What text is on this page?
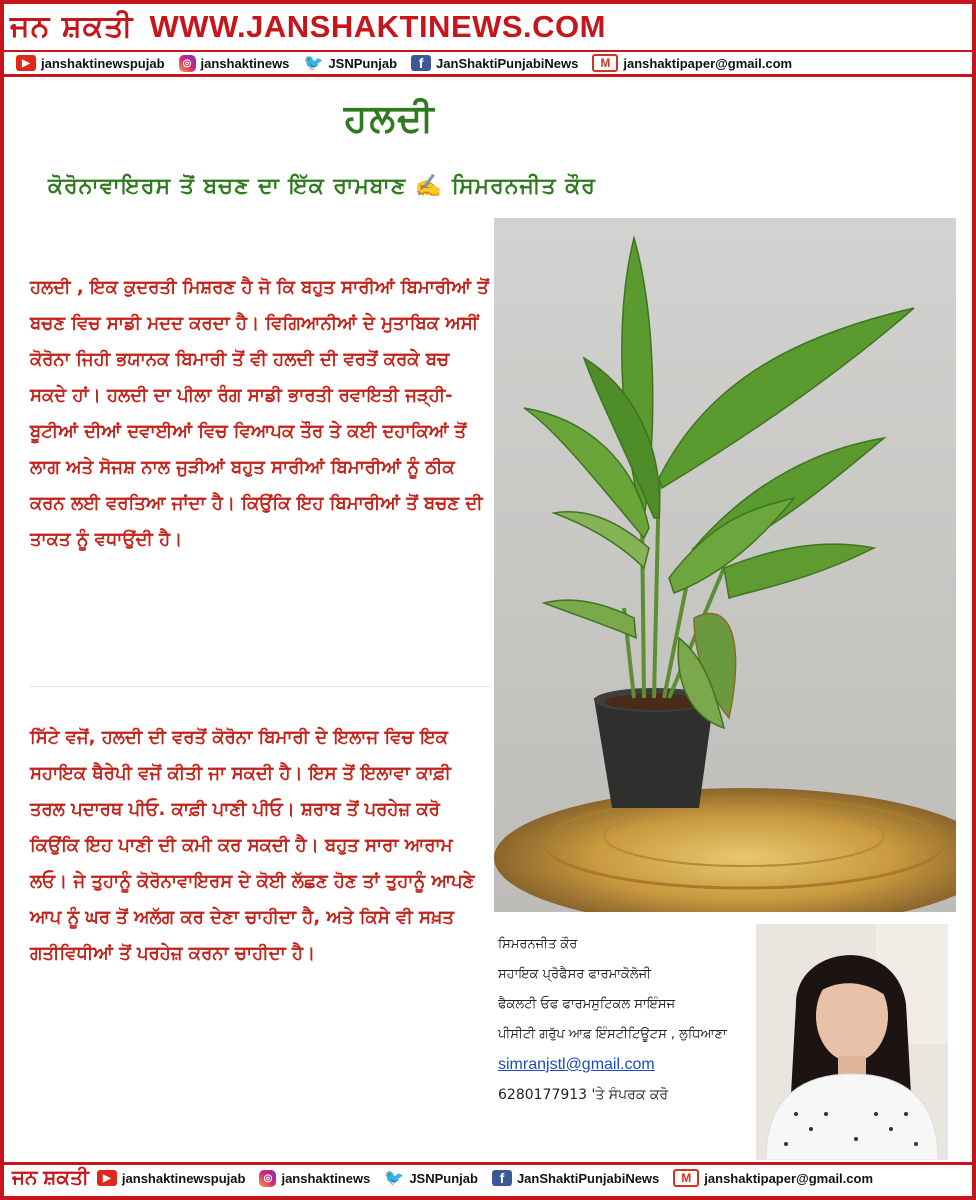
ਜਨ ਸ਼ਕਤੀ WWW.JANSHAKTINEWS.COM
▶ janshaktinewspujab	◎ janshaktinews 🐦 JSNPunjab	f JanShaktiPunjabiNews	M	janshaktipaper@gmail.com
ਹਲਦੀ
ਕੋਰੋਨਾਵਾਇਰਸ ਤੋਂ ਬਚਣ ਦਾ ਇੱਕ ਰਾਮਬਾਣ ✍️ ਸਿਮਰਨਜੀਤ ਕੌਰ
ਹਲਦੀ , ਇਕ ਕੁਦਰਤੀ ਮਿਸ਼ਰਣ ਹੈ ਜੋ ਕਿ ਬਹੁਤ ਸਾਰੀਆਂ ਬਿਮਾਰੀਆਂ ਤੋਂ ਬਚਣ ਵਿਚ ਸਾਡੀ ਮਦਦ ਕਰਦਾ ਹੈ। ਵਿਗਿਆਨੀਆਂ ਦੇ ਮੁਤਾਬਿਕ ਅਸੀਂ ਕੋਰੋਨਾ ਜਿਹੀ ਭਯਾਨਕ ਬਿਮਾਰੀ ਤੋਂ ਵੀ ਹਲਦੀ ਦੀ ਵਰਤੋਂ ਕਰਕੇ ਬਚ ਸਕਦੇ ਹਾਂ। ਹਲਦੀ ਦਾ ਪੀਲਾ ਰੰਗ ਸਾਡੀ ਭਾਰਤੀ ਰਵਾਇਤੀ ਜੜ੍ਹੀ-ਬੂਟੀਆਂ ਦੀਆਂ ਦਵਾਈਆਂ ਵਿਚ ਵਿਆਪਕ ਤੌਰ ਤੇ ਕਈ ਦਹਾਕਿਆਂ ਤੋਂ ਲਾਗ ਅਤੇ ਸੋਜਸ਼ ਨਾਲ ਜੁੜੀਆਂ ਬਹੁਤ ਸਾਰੀਆਂ ਬਿਮਾਰੀਆਂ ਨੂੰ ਠੀਕ ਕਰਨ ਲਈ ਵਰਤਿਆ ਜਾਂਦਾ ਹੈ। ਕਿਉਂਕਿ ਇਹ ਬਿਮਾਰੀਆਂ ਤੋਂ ਬਚਣ ਦੀ ਤਾਕਤ ਨੂੰ ਵਧਾਉਂਦੀ ਹੈ।
ਸਿੱਟੇ ਵਜੋਂ, ਹਲਦੀ ਦੀ ਵਰਤੋਂ ਕੋਰੋਨਾ ਬਿਮਾਰੀ ਦੇ ਇਲਾਜ ਵਿਚ ਇਕ ਸਹਾਇਕ ਥੈਰੇਪੀ ਵਜੋਂ ਕੀਤੀ ਜਾ ਸਕਦੀ ਹੈ। ਇਸ ਤੋਂ ਇਲਾਵਾ ਕਾਫ਼ੀ ਤਰਲ ਪਦਾਰਥ ਪੀਓ. ਕਾਫ਼ੀ ਪਾਣੀ ਪੀਓ। ਸ਼ਰਾਬ ਤੋਂ ਪਰਹੇਜ਼ ਕਰੋ ਕਿਉਂਕਿ ਇਹ ਪਾਣੀ ਦੀ ਕਮੀ ਕਰ ਸਕਦੀ ਹੈ। ਬਹੁਤ ਸਾਰਾ ਆਰਾਮ ਲਓ। ਜੇ ਤੁਹਾਨੂੰ ਕੋਰੋਨਾਵਾਇਰਸ ਦੇ ਕੋਈ ਲੱਛਣ ਹੋਣ ਤਾਂ ਤੁਹਾਨੂੰ ਆਪਣੇ ਆਪ ਨੂੰ ਘਰ ਤੋਂ ਅਲੱਗ ਕਰ ਦੇਣਾ ਚਾਹੀਦਾ ਹੈ, ਅਤੇ ਕਿਸੇ ਵੀ ਸਖ਼ਤ ਗਤੀਵਿਧੀਆਂ ਤੋਂ ਪਰਹੇਜ਼ ਕਰਨਾ ਚਾਹੀਦਾ ਹੈ।	ਸਿਮਰਨਜੀਤ ਕੌਰ
ਸਹਾਇਕ ਪ੍ਰੋਫੈਸਰ ਫਾਰਮਾਕੋਲੋਜੀ
ਫੈਕਲਟੀ ਓਫ ਫਾਰਮਸੁਟਿਕਲ ਸਾਇੰਸਜ
ਪੀਸੀਟੀ ਗਰੁੱਪ ਆਫ਼ ਇੰਸਟੀਟਿਊਟਸ , ਲੁਧਿਆਣਾ
simranjstl@gmail.com
6280177913 'ਤੇ ਸੰਪਰਕ ਕਰੋ
ਜਨ ਸ਼ਕਤੀ	▶ janshaktinewspujab	◎ janshaktinews 🐦 JSNPunjab	f JanShaktiPunjabiNews	M	janshaktipaper@gmail.com
